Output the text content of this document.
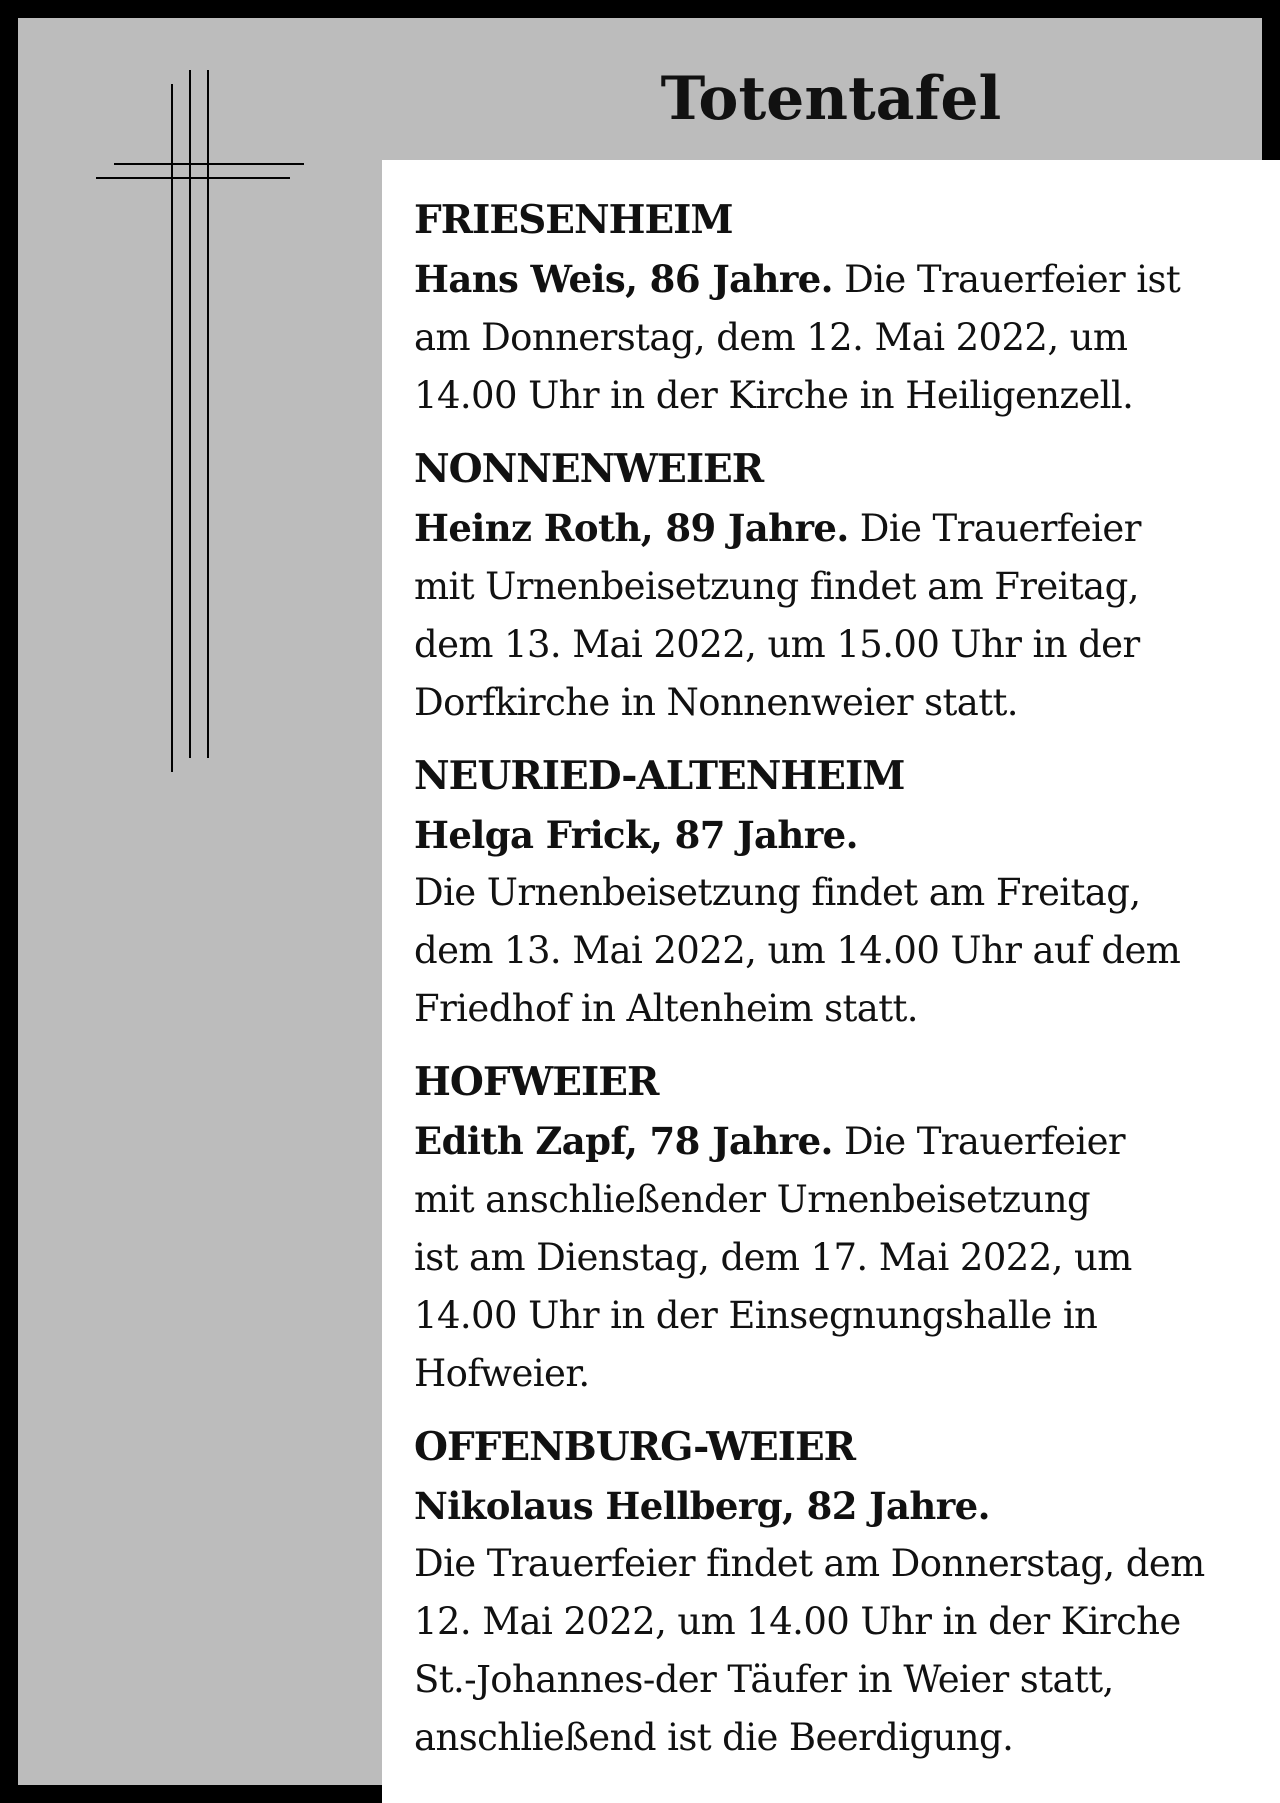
Totentafel

FRIESENHEIM

Hans Weis, 86 Jahre. Die Trauerfeier ist
am Donnerstag, dem 12. Mai 2022, um
14.00 Uhr in der Kirche in Heiligenzell.

NONNENWEIER

Heinz Roth, 89 Jahre. Die Trauerfeier
mit Urnenbeisetzung findet am Freitag,
dem 13. Mai 2022, um 15.00 Uhr in der
Dorfkirche in Nonnenweier statt.

NEURIED-ALTENHEIM

Helga Frick, 87 Jahre.
Die Urnenbeisetzung findet am Freitag,
dem 13. Mai 2022, um 14.00 Uhr auf dem
Friedhof in Altenheim statt.

HOFWEIER

Edith Zapf, 78 Jahre. Die Trauerfeier
mit anschließender Urnenbeisetzung
ist am Dienstag, dem 17. Mai 2022, um
14.00 Uhr in der Einsegnungshalle in
Hofweier.

OFFENBURG-WEIER

Nikolaus Hellberg, 82 Jahre.
Die Trauerfeier findet am Donnerstag, dem
12. Mai 2022, um 14.00 Uhr in der Kirche
St.-Johannes-der Täufer in Weier statt,
anschließend ist die Beerdigung.
